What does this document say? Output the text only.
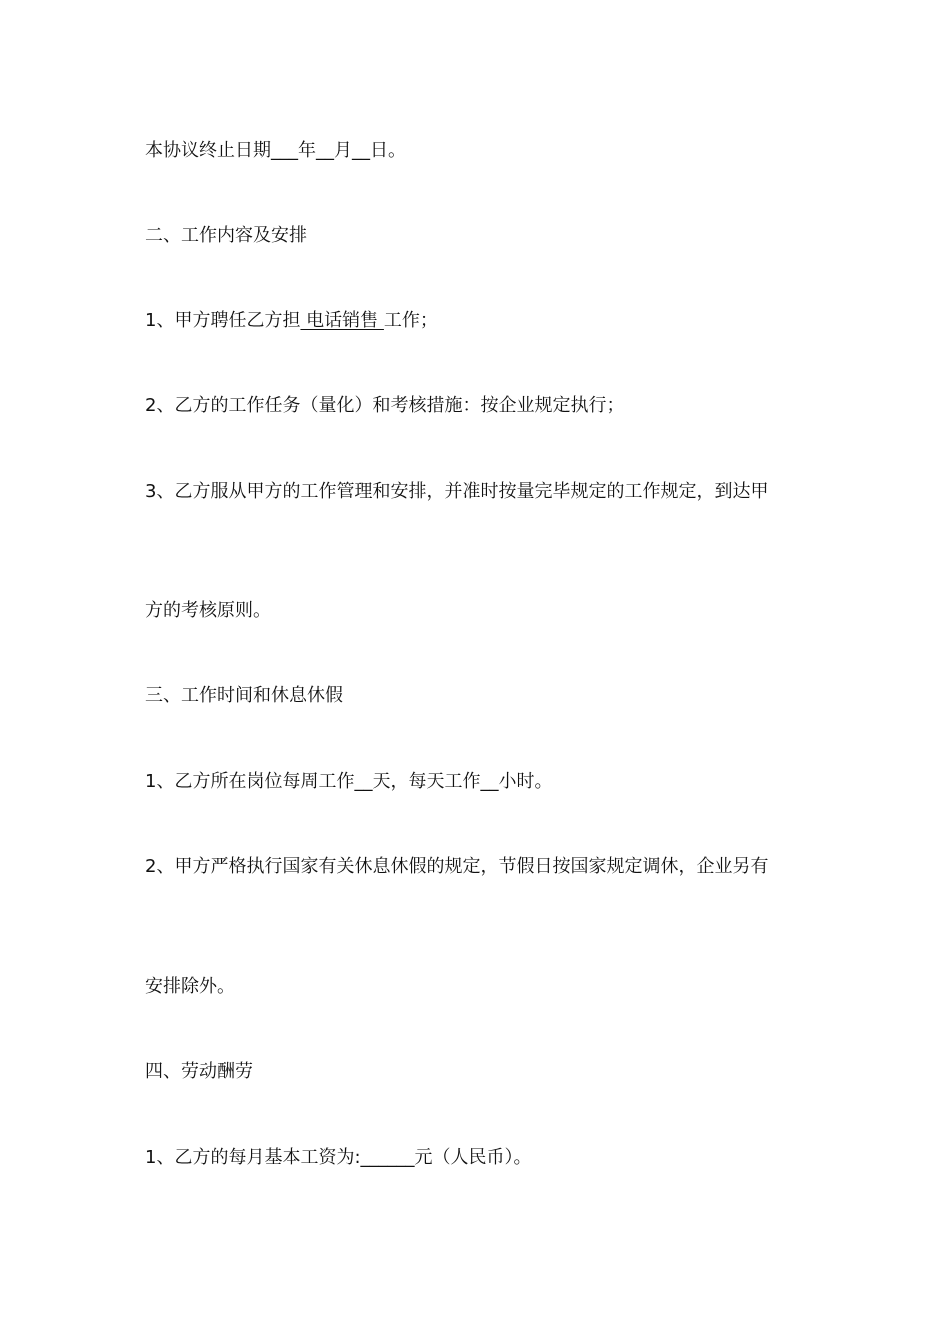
本协议终止日期___年__月__日。
二、工作内容及安排
1、甲方聘任乙方担 电话销售 工作；
2、乙方的工作任务（量化）和考核措施：按企业规定执行；
3、乙方服从甲方的工作管理和安排，并准时按量完毕规定的工作规定，到达甲
方的考核原则。
三、工作时间和休息休假
1、乙方所在岗位每周工作__天，每天工作__小时。
2、甲方严格执行国家有关休息休假的规定，节假日按国家规定调休，企业另有
安排除外。
四、劳动酬劳
1、乙方的每月基本工资为:______元（人民币）。
